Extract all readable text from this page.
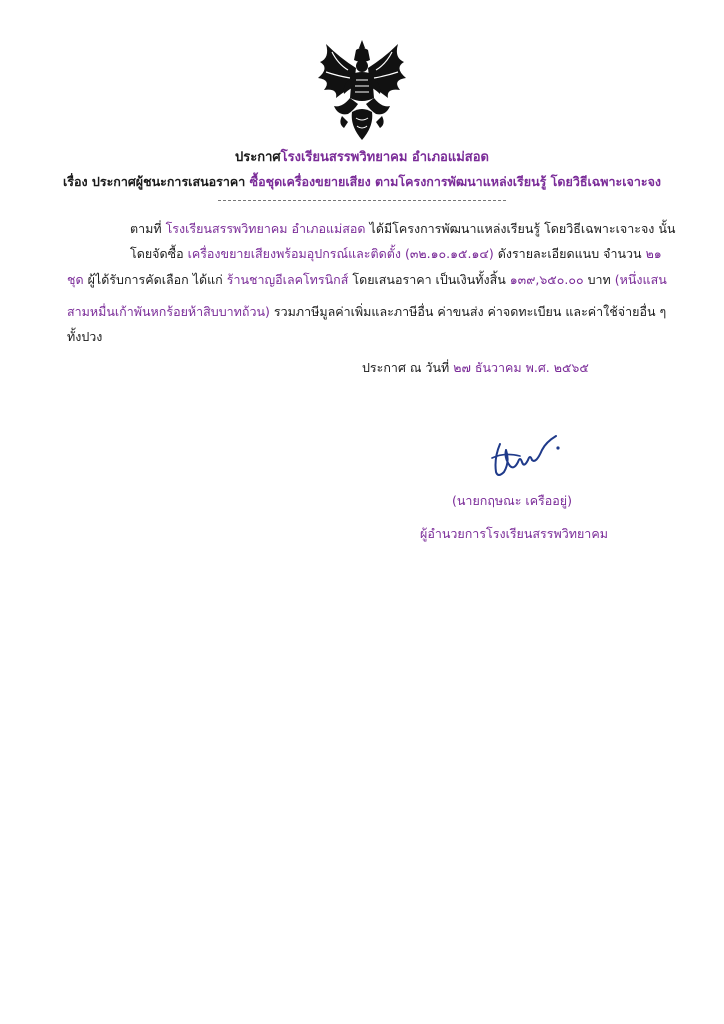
ประกาศโรงเรียนสรรพวิทยาคม อำเภอแม่สอด
เรื่อง ประกาศผู้ชนะการเสนอราคา ซื้อชุดเครื่องขยายเสียง ตามโครงการพัฒนาแหล่งเรียนรู้ โดยวิธีเฉพาะเจาะจง
ตามที่ โรงเรียนสรรพวิทยาคม อำเภอแม่สอด ได้มีโครงการพัฒนาแหล่งเรียนรู้ โดยวิธีเฉพาะเจาะจง นั้น
โดยจัดซื้อ เครื่องขยายเสียงพร้อมอุปกรณ์และติดตั้ง (๓๒.๑๐.๑๕.๑๔) ดังรายละเอียดแนบ จำนวน ๒๑
ชุด ผู้ได้รับการคัดเลือก ได้แก่ ร้านชาญอีเลคโทรนิกส์ โดยเสนอราคา เป็นเงินทั้งสิ้น ๑๓๙,๖๕๐.๐๐ บาท (หนึ่งแสน
สามหมื่นเก้าพันหกร้อยห้าสิบบาทถ้วน) รวมภาษีมูลค่าเพิ่มและภาษีอื่น ค่าขนส่ง ค่าจดทะเบียน และค่าใช้จ่ายอื่น ๆ
ทั้งปวง
ประกาศ ณ วันที่ ๒๗ ธันวาคม พ.ศ. ๒๕๖๕
(นายกฤษณะ เครืออยู่)
ผู้อำนวยการโรงเรียนสรรพวิทยาคม
